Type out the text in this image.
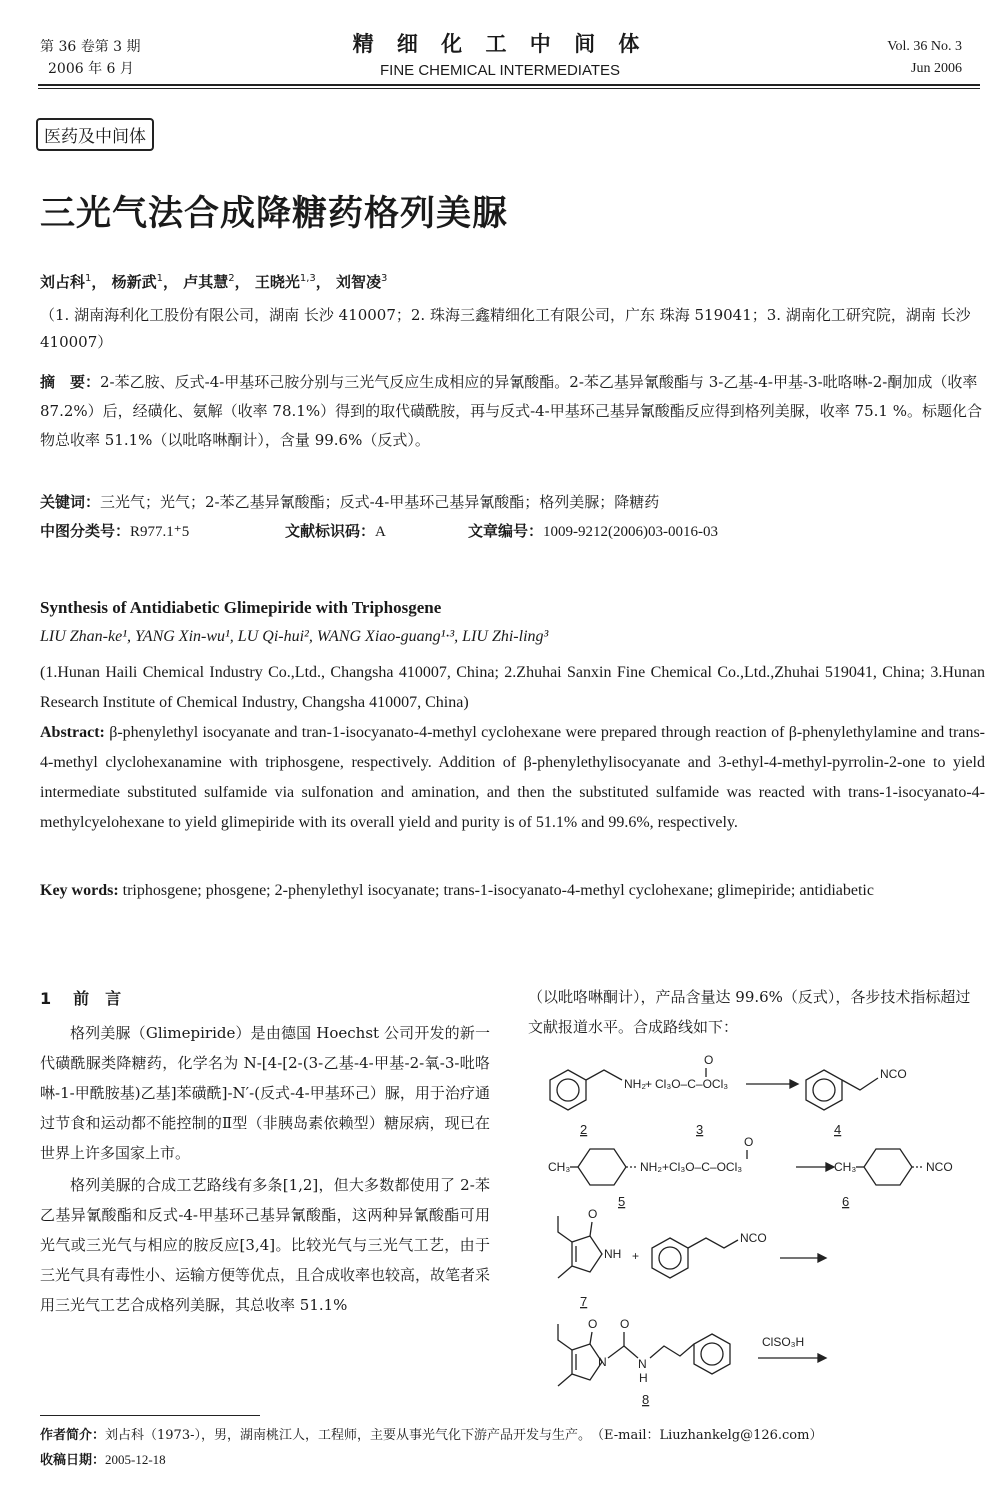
第 36 卷第 3 期
2006 年 6 月
精 细 化 工 中 间 体
FINE CHEMICAL INTERMEDIATES
Vol. 36 No. 3
Jun 2006
医药及中间体
三光气法合成降糖药格列美脲
刘占科$^1$， 杨新武$^1$， 卢其慧$^2$， 王晓光$^{1,3}$， 刘智凌$^3$
（1. 湖南海利化工股份有限公司，湖南 长沙 410007；2. 珠海三鑫精细化工有限公司，广东 珠海 519041；3. 湖南化工研究院，湖南 长沙 410007）
摘　要：2-苯乙胺、反式-4-甲基环己胺分别与三光气反应生成相应的异氰酸酯。2-苯乙基异氰酸酯与 3-乙基-4-甲基-3-吡咯啉-2-酮加成（收率 87.2%）后，经磺化、氨解（收率 78.1%）得到的取代磺酰胺，再与反式-4-甲基环己基异氰酸酯反应得到格列美脲，收率 75.1 %。标题化合物总收率 51.1%（以吡咯啉酮计），含量 99.6%（反式）。
关键词：三光气；光气；2-苯乙基异氰酸酯；反式-4-甲基环己基异氰酸酯；格列美脲；降糖药
中图分类号：R977.1⁺5	文献标识码：A	文章编号：1009-9212(2006)03-0016-03
Synthesis of Antidiabetic Glimepiride with Triphosgene
LIU Zhan-ke¹, YANG Xin-wu¹, LU Qi-hui², WANG Xiao-guang¹·³, LIU Zhi-ling³
(1.Hunan Haili Chemical Industry Co.,Ltd., Changsha 410007, China; 2.Zhuhai Sanxin Fine Chemical Co.,Ltd.,Zhuhai 519041, China; 3.Hunan Research Institute of Chemical Industry, Changsha 410007, China)
Abstract: β-phenylethyl isocyanate and tran-1-isocyanato-4-methyl cyclohexane were prepared through reaction of β-phenylethylamine and trans-4-methyl clyclohexanamine with triphosgene, respectively. Addition of β-phenylethylisocyanate and 3-ethyl-4-methyl-pyrrolin-2-one to yield intermediate substituted sulfamide via sulfonation and amination, and then the substituted sulfamide was reacted with trans-1-isocyanato-4-methylcyelohexane to yield glimepiride with its overall yield and purity is of 51.1% and 99.6%, respectively.
Key words: triphosgene; phosgene; 2-phenylethyl isocyanate; trans-1-isocyanato-4-methyl cyclohexane; glimepiride; antidiabetic
1 前　言

格列美脲（Glimepiride）是由德国 Hoechst 公司开发的新一代磺酰脲类降糖药，化学名为 N-[4-[2-(3-乙基-4-甲基-2-氧-3-吡咯啉-1-甲酰胺基)乙基]苯磺酰]-N′-(反式-4-甲基环己）脲，用于治疗通过节食和运动都不能控制的Ⅱ型（非胰岛素依赖型）糖尿病，现已在世界上许多国家上市。

格列美脲的合成工艺路线有多条[1,2]，但大多数都使用了 2-苯乙基异氰酸酯和反式-4-甲基环己基异氰酸酯，这两种异氰酸酯可用光气或三光气与相应的胺反应[3,4]。比较光气与三光气工艺，由于三光气具有毒性小、运输方便等优点，且合成收率也较高，故笔者采用三光气工艺合成格列美脲，其总收率 51.1%

（以吡咯啉酮计），产品含量达 99.6%（反式），各步技术指标超过文献报道水平。合成路线如下：

NH₂ + Cl₃O–C–OCl₃
O
NCO
2	3	4
CH₃	NH₂+Cl₃O–C–OCl₃
O
CH₃	NCO
5	6
O
NH +
NCO
7
O
N
O
N
H
ClSO₃H
8
作者简介：刘占科（1973-），男，湖南桃江人，工程师，主要从事光气化下游产品开发与生产。　（E-mail：Liuzhankelg@126.com）
收稿日期：2005-12-18
